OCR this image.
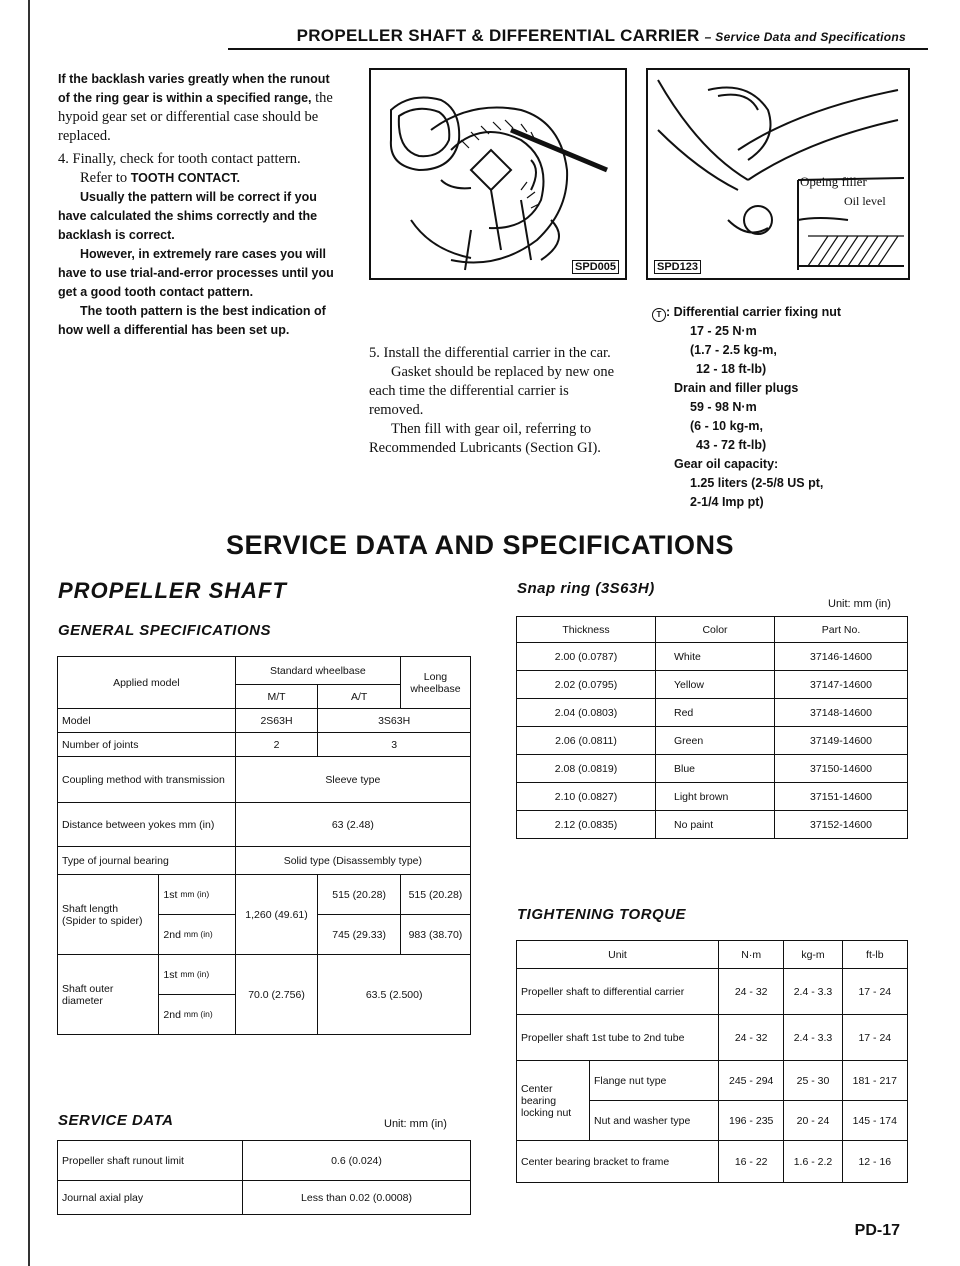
PROPELLER SHAFT & DIFFERENTIAL CARRIER – Service Data and Specifications

If the backlash varies greatly when the runout of the ring gear is within a specified range, the hypoid gear set or differential case should be replaced.

4. Finally, check for tooth contact pattern.

Refer to TOOTH CONTACT.

Usually the pattern will be correct if you have calculated the shims correctly and the backlash is correct.

However, in extremely rare cases you will have to use trial-and-error processes until you get a good tooth contact pattern.

The tooth pattern is the best indication of how well a differential has been set up.

SPD005
Opeing filler
Oil level
SPD123

5. Install the differential carrier in the car.

Gasket should be replaced by new one each time the differential carrier is removed.

Then fill with gear oil, referring to Recommended Lubricants (Section GI).

T : Differential carrier fixing nut
17 - 25 N·m
(1.7 - 2.5 kg-m,
12 - 18 ft-lb)
Drain and filler plugs
59 - 98 N·m
(6 - 10 kg-m,
43 - 72 ft-lb)
Gear oil capacity:
1.25 liters (2-5/8 US pt,
2-1/4 Imp pt)
SERVICE DATA AND SPECIFICATIONS
PROPELLER SHAFT
GENERAL SPECIFICATIONS
Applied model		Standard wheelbase		Long wheelbase
		M/T	A/T	
Model		2S63H	3S63H	
Number of joints		2	3	
Coupling method with transmission		Sleeve type		
Distance between yokes mm (in)		63 (2.48)		
Type of journal bearing		Solid type (Disassembly type)		
Shaft length (Spider to spider)	1st mm (in)	1,260 (49.61)	515 (20.28)	515 (20.28)
	2nd mm (in)		745 (29.33)	983 (38.70)
Shaft outer diameter	1st mm (in)	70.0 (2.756)	63.5 (2.500)	
	2nd mm (in)			
SERVICE DATA	Unit: mm (in)
Propeller shaft runout limit	0.6 (0.024)
Journal axial play	Less than 0.02 (0.0008)
Snap ring (3S63H)
Unit: mm (in)
Thickness	Color	Part No.
2.00 (0.0787)	White	37146-14600
2.02 (0.0795)	Yellow	37147-14600
2.04 (0.0803)	Red	37148-14600
2.06 (0.0811)	Green	37149-14600
2.08 (0.0819)	Blue	37150-14600
2.10 (0.0827)	Light brown	37151-14600
2.12 (0.0835)	No paint	37152-14600
TIGHTENING TORQUE
Unit		N·m	kg-m	ft-lb
Propeller shaft to differential carrier		24 - 32	2.4 - 3.3	17 - 24
Propeller shaft 1st tube to 2nd tube		24 - 32	2.4 - 3.3	17 - 24
Center bearing locking nut	Flange nut type	245 - 294	25 - 30	181 - 217
	Nut and washer type	196 - 235	20 - 24	145 - 174
Center bearing bracket to frame		16 - 22	1.6 - 2.2	12 - 16
PD-17
